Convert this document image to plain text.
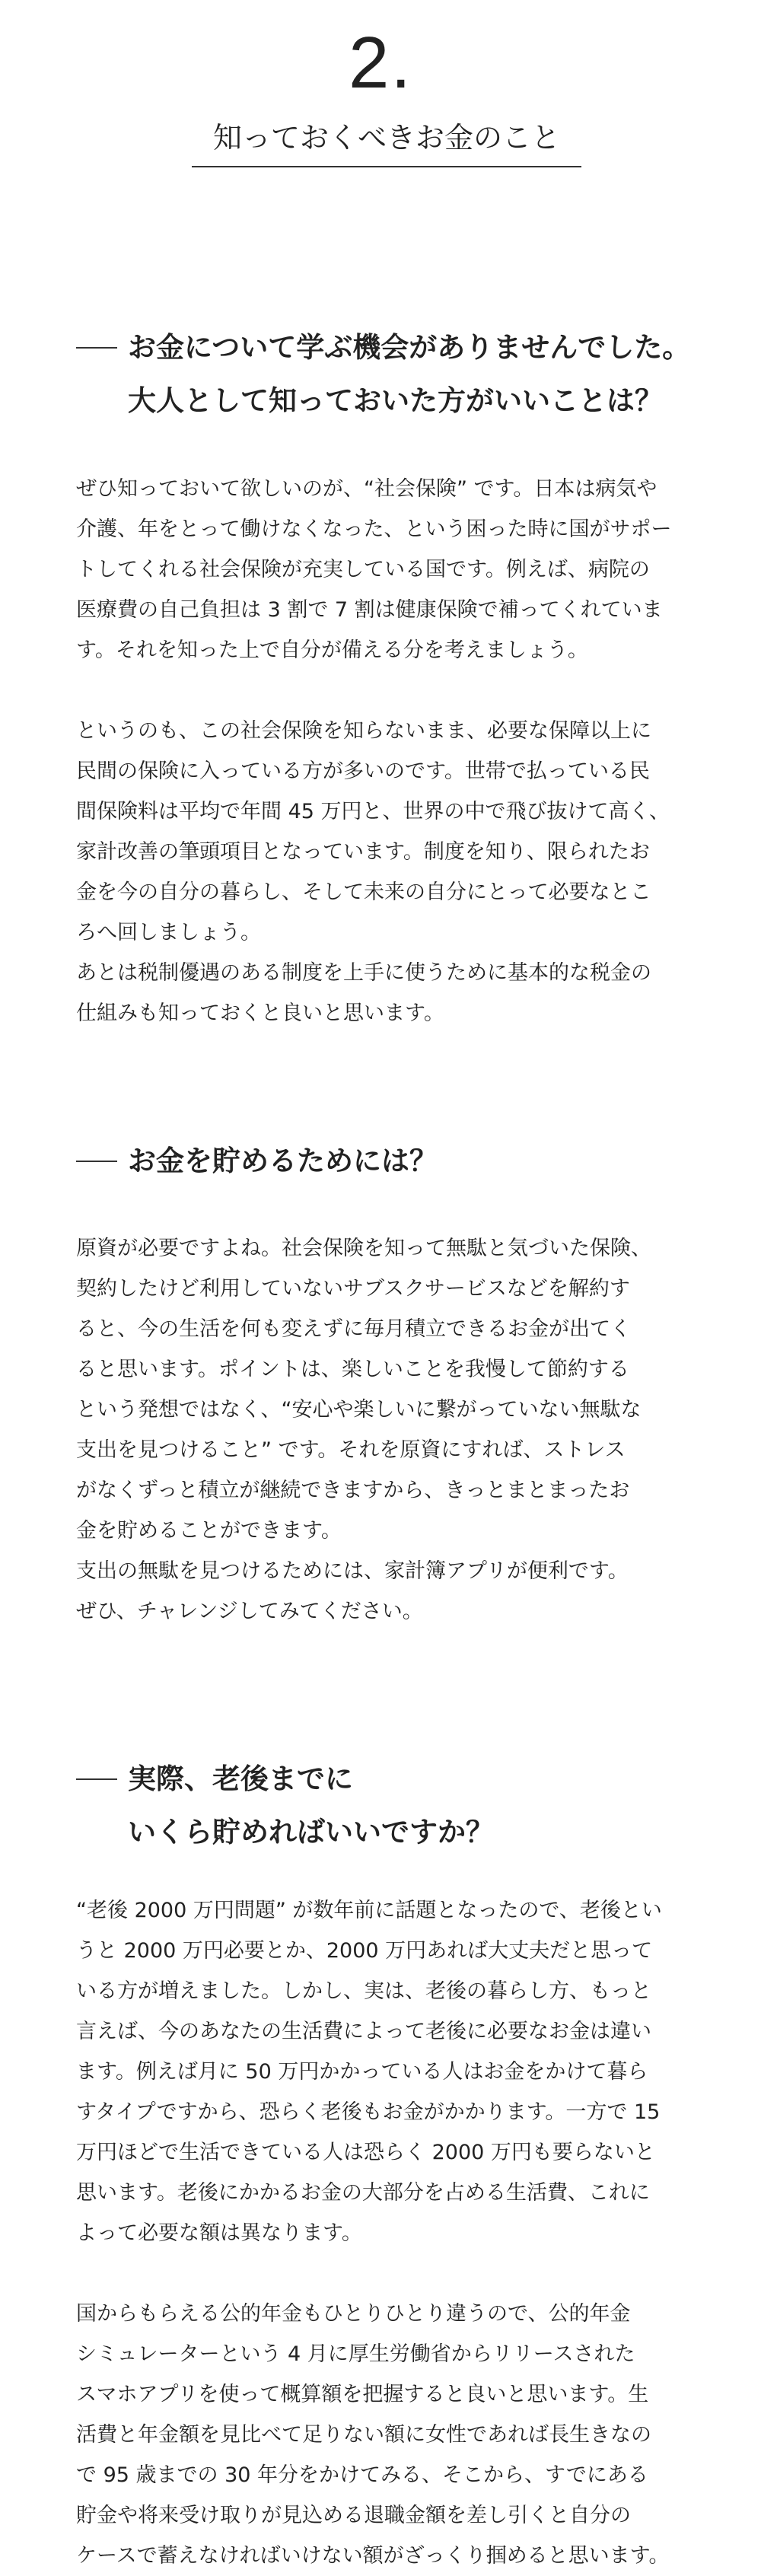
2.
知っておくべきお金のこと
お金について学ぶ機会がありませんでした。
大人として知っておいた方がいいことは？

ぜひ知っておいて欲しいのが、“社会保険” です。日本は病気や

介護、年をとって働けなくなった、という困った時に国がサポー

トしてくれる社会保険が充実している国です。例えば、病院の

医療費の自己負担は 3 割で 7 割は健康保険で補ってくれていま

す。それを知った上で自分が備える分を考えましょう。

というのも、この社会保険を知らないまま、必要な保障以上に

民間の保険に入っている方が多いのです。世帯で払っている民

間保険料は平均で年間 45 万円と、世界の中で飛び抜けて高く、

家計改善の筆頭項目となっています。制度を知り、限られたお

金を今の自分の暮らし、そして未来の自分にとって必要なとこ

ろへ回しましょう。

あとは税制優遇のある制度を上手に使うために基本的な税金の

仕組みも知っておくと良いと思います。

お金を貯めるためには？

原資が必要ですよね。社会保険を知って無駄と気づいた保険、

契約したけど利用していないサブスクサービスなどを解約す

ると、今の生活を何も変えずに毎月積立できるお金が出てく

ると思います。ポイントは、楽しいことを我慢して節約する

という発想ではなく、“安心や楽しいに繋がっていない無駄な

支出を見つけること” です。それを原資にすれば、ストレス

がなくずっと積立が継続できますから、きっとまとまったお

金を貯めることができます。

支出の無駄を見つけるためには、家計簿アプリが便利です。

ぜひ、チャレンジしてみてください。

実際、老後までに
いくら貯めればいいですか？

“老後 2000 万円問題” が数年前に話題となったので、老後とい

うと 2000 万円必要とか、2000 万円あれば大丈夫だと思って

いる方が増えました。しかし、実は、老後の暮らし方、もっと

言えば、今のあなたの生活費によって老後に必要なお金は違い

ます。例えば月に 50 万円かかっている人はお金をかけて暮ら

すタイプですから、恐らく老後もお金がかかります。一方で 15

万円ほどで生活できている人は恐らく 2000 万円も要らないと

思います。老後にかかるお金の大部分を占める生活費、これに

よって必要な額は異なります。

国からもらえる公的年金もひとりひとり違うので、公的年金

シミュレーターという 4 月に厚生労働省からリリースされた

スマホアプリを使って概算額を把握すると良いと思います。生

活費と年金額を見比べて足りない額に女性であれば長生きなの

で 95 歳までの 30 年分をかけてみる、そこから、すでにある

貯金や将来受け取りが見込める退職金額を差し引くと自分の

ケースで蓄えなければいけない額がざっくり掴めると思います。
